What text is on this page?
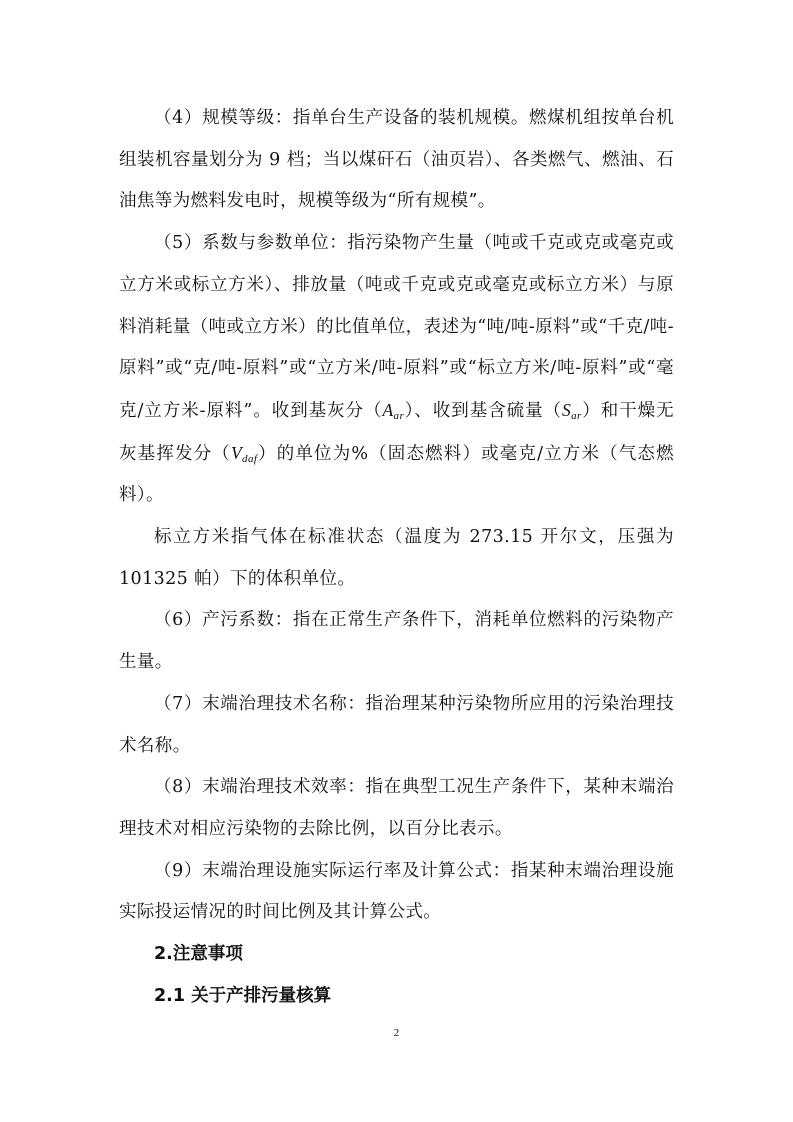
（4）规模等级：指单台生产设备的装机规模。燃煤机组按单台机组装机容量划分为 9 档；当以煤矸石（油页岩）、各类燃气、燃油、石油焦等为燃料发电时，规模等级为“所有规模”。

（5）系数与参数单位：指污染物产生量（吨或千克或克或毫克或立方米或标立方米）、排放量（吨或千克或克或毫克或标立方米）与原料消耗量（吨或立方米）的比值单位，表述为“吨/吨-原料”或“千克/吨-原料”或“克/吨-原料”或“立方米/吨-原料”或“标立方米/吨-原料”或“毫克/立方米-原料”。收到基灰分$(A_{ar})$、收到基含硫量$(S_{ar})$和干燥无灰基挥发分$(V_{daf})$的单位为%（固态燃料）或毫克/立方米（气态燃料）。

标立方米指气体在标准状态（温度为 273.15 开尔文，压强为 101325 帕）下的体积单位。

（6）产污系数：指在正常生产条件下，消耗单位燃料的污染物产生量。

（7）末端治理技术名称：指治理某种污染物所应用的污染治理技术名称。

（8）末端治理技术效率：指在典型工况生产条件下，某种末端治理技术对相应污染物的去除比例，以百分比表示。

（9）末端治理设施实际运行率及计算公式：指某种末端治理设施实际投运情况的时间比例及其计算公式。

2.注意事项

2.1 关于产排污量核算

2
